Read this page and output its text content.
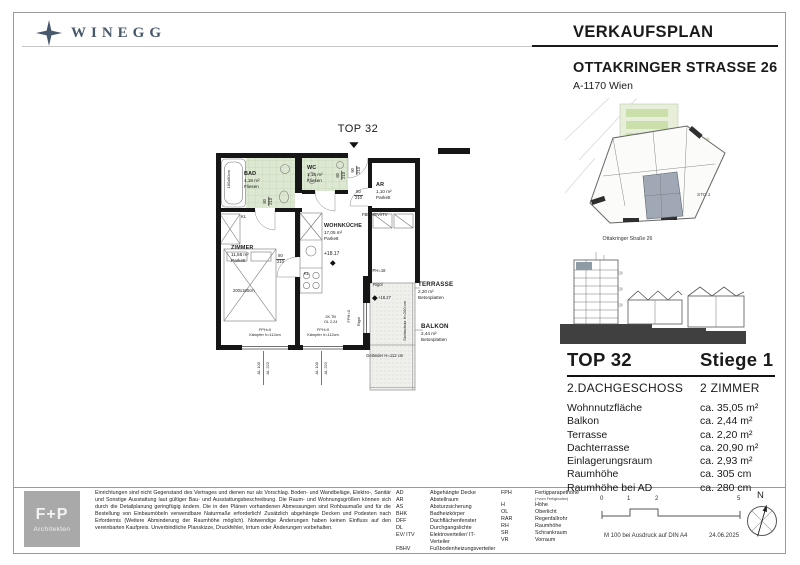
WINEGG	VERKAUFSPLAN
OTTAKRINGER STRASSE 26
A-1170 Wien
TOP 32
▼
BAD
4,18 m²
Fliesen
WC
1,16 m²
Fliesen
AR
1,10 m²
Parkett
WOHNKÜCHE
17,05 m²
Parkett
ZIMMER
11,58 m²
Parkett
TERRASSE
2,20 m²
Betonplatten
BALKON
2,44 m²
Betonplatten
FBHV/EV/ITV
+18.17
+18.27
200x180cm
180x80cm
KL
KL
FPH=18
Rigol
Rigol
FPH=0
2K.TB
OL 2,24	Sichtschutz H=200 cm
Geländer H=112 cm
FPH=0
Kämpfer h=112cm
FPH=0
Kämpfer h=112cm
AL 100 AL 222	AL 100 AL 222
80 210
90 210
80
210
80 210
80
210
STG.1
Ottakringer Straße 26
TOP 32	Stiege 1
2.DACHGESCHOSS 2 ZIMMER
Wohnnutzfläche	ca. 35,05 m²
Balkon	ca. 2,44 m²
Terrasse	ca. 2,20 m²
Dachterrasse	ca. 20,90 m²
Einlagerungsraum	ca. 2,93 m²
Raumhöhe	ca. 305 cm
Raumhöhe bei AD	ca. 280 cm
F+P
Architekten
Einrichtungen sind nicht Gegenstand des Vertrages und dienen nur als Vorschlag. Boden- und Wandbeläge, Elektro-, Sanitär und Sonstige Ausstattung laut gültiger Bau- und Ausstattungsbeschreibung. Die Raum- und Wohnungsgrößen können sich durch die Detailplanung geringfügig ändern. Die in den Plänen vorhandenen Abmessungen sind Rohbaumaße und für die Bestellung von Einbaumöbeln verwendbare Naturmaße erforderlich! Zusätzlich abgehängte Decken und Podesten nach Erfordernis (Weitere Abminderung der Raumhöhe möglich). Notwendige Änderungen haben keinen Einfluss auf den vereinbarten Kaufpreis. Unverbindliche Planskizze, Druckfehler, Irrtum oder Änderungen vorbehalten.
AD	Abgehängte Decke
AR	Abstellraum
AS	Absturzsicherung
BHK	Badheizkörper
DFF	Dachflächenfenster
DL	Durchgangslichte
EV/ ITV	Elektroverteiler/ IT- Verteiler
FBHV	Fußbodenheizungsverteiler
FPH	Fertigparapethöhe
(+vom Fertigboden)
H	Höhe
OL	Oberlicht
RAR	Regenfallrohr
RH	Raumhöhe
SR	Schrankraum
VR	Vorraum
0	1	2	5
M 100 bei Ausdruck auf DIN A4	24.06.2025
N
